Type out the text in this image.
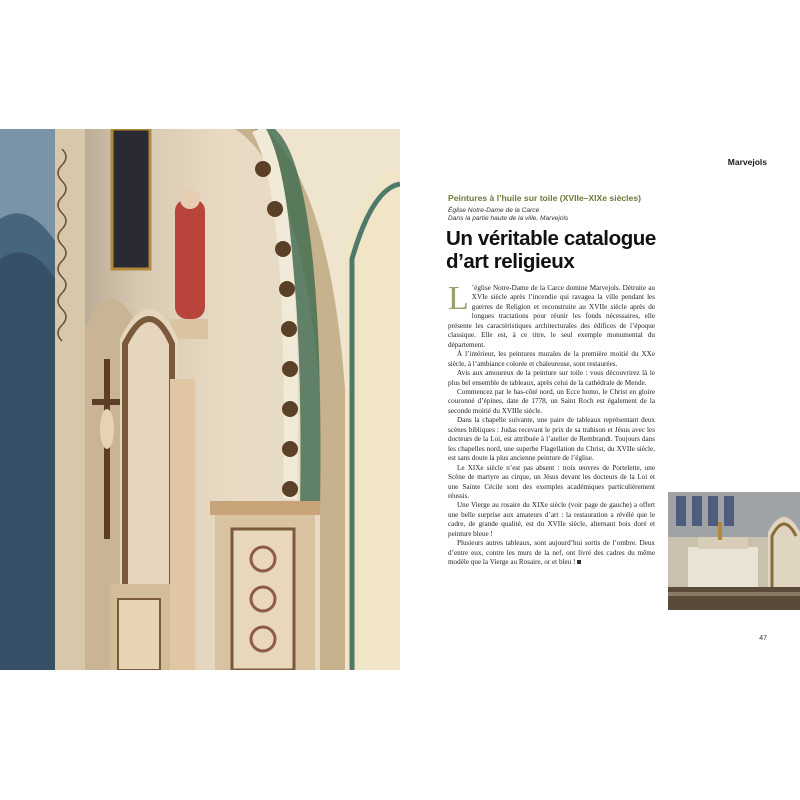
Marvejols
Peintures à l’huile sur toile (XVIIe–XIXe siècles)
Église Notre-Dame de la Carce
Dans la partie haute de la ville, Marvejols
Un véritable catalogue
d’art religieux

L ’église Notre-Dame de la Carce domine Marvejols. Détruite au XVIe siècle après l’incendie qui ravagea la ville pendant les guerres de Religion et reconstruite au XVIIe siècle après de longues tractations pour réunir les fonds nécessaires, elle présente les caractéristiques architecturales des édifices de l’époque classique. Elle est, à ce titre, le seul exemple monumental du département.

À l’intérieur, les peintures murales de la première moitié du XXe siècle, à l’ambiance colorée et chaleureuse, sont restaurées.

Avis aux amoureux de la peinture sur toile : vous découvrirez là le plus bel ensemble de tableaux, après celui de la cathédrale de Mende.

Commencez par le bas-côté nord, un Ecce homo, le Christ en gloire couronné d’épines, date de 1778, un Saint Roch est également de la seconde moitié du XVIIIe siècle.

Dans la chapelle suivante, une paire de tableaux représentant deux scènes bibliques : Judas recevant le prix de sa trahison et Jésus avec les docteurs de la Loi, est attribuée à l’atelier de Rembrandt. Toujours dans les chapelles nord, une superbe Flagellation du Christ, du XVIIe siècle, est sans doute la plus ancienne peinture de l’église.

Le XIXe siècle n’est pas absent : trois œuvres de Portelette, une Scène de martyre au cirque, un Jésus devant les docteurs de la Loi et une Sainte Cécile sont des exemples académiques particulièrement réussis.

Une Vierge au rosaire du XIXe siècle (voir page de gauche) a offert une belle surprise aux amateurs d’art : la restauration a révélé que le cadre, de grande qualité, est du XVIIe siècle, alternant bois doré et peinture bleue !

Plusieurs autres tableaux, sont aujourd’hui sortis de l’ombre. Deux d’entre eux, contre les murs de la nef, ont livré des cadres du même modèle que la Vierge au Rosaire, or et bleu !

47
